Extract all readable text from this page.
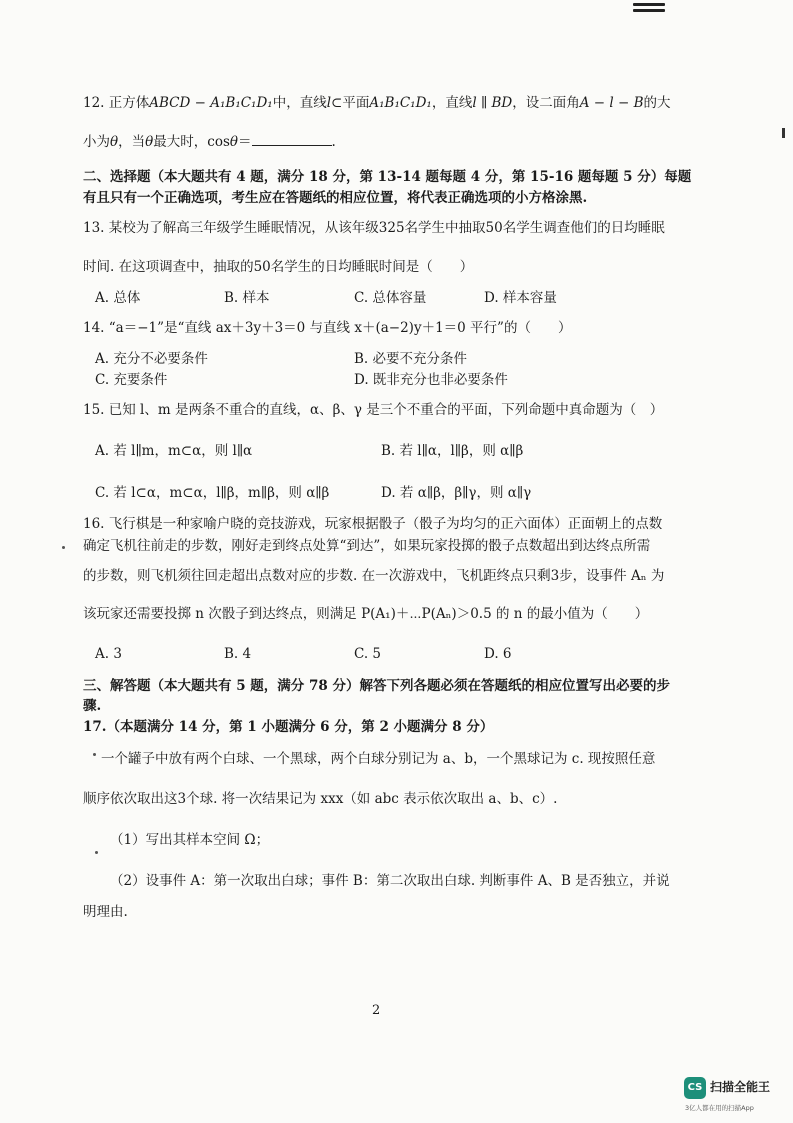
12. 正方体ABCD − A₁B₁C₁D₁中，直线l⊂平面A₁B₁C₁D₁，直线l ∥ BD，设二面角A − l − B的大
小为θ，当θ最大时，cosθ＝	.
二、选择题（本大题共有 4 题，满分 18 分，第 13-14 题每题 4 分，第 15-16 题每题 5 分）每题
有且只有一个正确选项，考生应在答题纸的相应位置，将代表正确选项的小方格涂黑.
13. 某校为了解高三年级学生睡眠情况，从该年级325名学生中抽取50名学生调查他们的日均睡眠
时间. 在这项调查中，抽取的50名学生的日均睡眠时间是（　　）
A. 总体	B. 样本	C. 总体容量	D. 样本容量
14. “a＝−1”是“直线 ax＋3y＋3＝0 与直线 x＋(a−2)y＋1＝0 平行”的（　　）
A. 充分不必要条件	B. 必要不充分条件
C. 充要条件	D. 既非充分也非必要条件
15. 已知 l、m 是两条不重合的直线，α、β、γ 是三个不重合的平面，下列命题中真命题为（　）
A. 若 l∥m，m⊂α，则 l∥α	B. 若 l∥α，l∥β，则 α∥β
C. 若 l⊂α，m⊂α，l∥β，m∥β，则 α∥β	D. 若 α∥β，β∥γ，则 α∥γ
16. 飞行棋是一种家喻户晓的竞技游戏，玩家根据骰子（骰子为均匀的正六面体）正面朝上的点数
确定飞机往前走的步数，刚好走到终点处算“到达”，如果玩家投掷的骰子点数超出到达终点所需
的步数，则飞机须往回走超出点数对应的步数. 在一次游戏中，飞机距终点只剩3步，设事件 Aₙ 为
该玩家还需要投掷 n 次骰子到达终点，则满足 P(A₁)＋⋯P(Aₙ)＞0.5 的 n 的最小值为（　　）
A. 3	B. 4	C. 5	D. 6
三、解答题（本大题共有 5 题，满分 78 分）解答下列各题必须在答题纸的相应位置写出必要的步
骤.
17.（本题满分 14 分，第 1 小题满分 6 分，第 2 小题满分 8 分）
一个罐子中放有两个白球、一个黑球，两个白球分别记为 a、b，一个黑球记为 c. 现按照任意
顺序依次取出这3个球. 将一次结果记为 xxx（如 abc 表示依次取出 a、b、c）.
（1）写出其样本空间 Ω；
（2）设事件 A：第一次取出白球；事件 B：第二次取出白球. 判断事件 A、B 是否独立，并说
明理由.
2
CS 扫描全能王
3亿人都在用的扫描App
